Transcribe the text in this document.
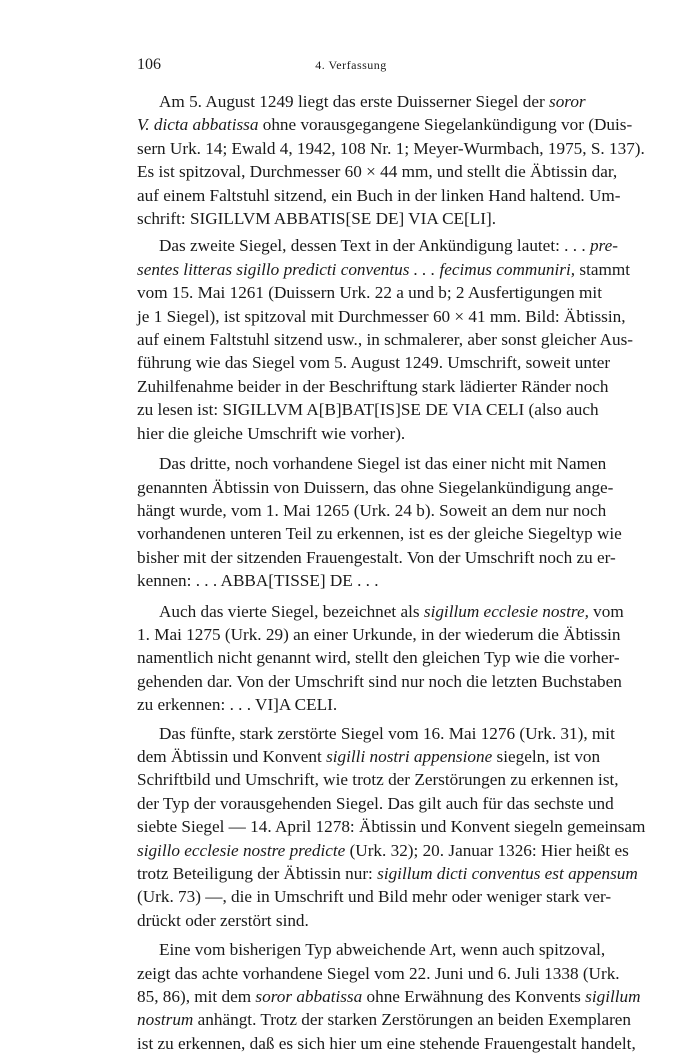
106	4. Verfassung
Am 5. August 1249 liegt das erste Duisserner Siegel der soror
V. dicta abbatissa ohne vorausgegangene Siegelankündigung vor (Duis-
sern Urk. 14; Ewald 4, 1942, 108 Nr. 1; Meyer-Wurmbach, 1975, S. 137).
Es ist spitzoval, Durchmesser 60 × 44 mm, und stellt die Äbtissin dar,
auf einem Faltstuhl sitzend, ein Buch in der linken Hand haltend. Um-
schrift: SIGILLVM ABBATIS[SE DE] VIA CE[LI].
Das zweite Siegel, dessen Text in der Ankündigung lautet: . . . pre-
sentes litteras sigillo predicti conventus . . . fecimus communiri, stammt
vom 15. Mai 1261 (Duissern Urk. 22 a und b; 2 Ausfertigungen mit
je 1 Siegel), ist spitzoval mit Durchmesser 60 × 41 mm. Bild: Äbtissin,
auf einem Faltstuhl sitzend usw., in schmalerer, aber sonst gleicher Aus-
führung wie das Siegel vom 5. August 1249. Umschrift, soweit unter
Zuhilfenahme beider in der Beschriftung stark lädierter Ränder noch
zu lesen ist: SIGILLVM A[B]BAT[IS]SE DE VIA CELI (also auch
hier die gleiche Umschrift wie vorher).
Das dritte, noch vorhandene Siegel ist das einer nicht mit Namen
genannten Äbtissin von Duissern, das ohne Siegelankündigung ange-
hängt wurde, vom 1. Mai 1265 (Urk. 24 b). Soweit an dem nur noch
vorhandenen unteren Teil zu erkennen, ist es der gleiche Siegeltyp wie
bisher mit der sitzenden Frauengestalt. Von der Umschrift noch zu er-
kennen: . . . ABBA[TISSE] DE . . .
Auch das vierte Siegel, bezeichnet als sigillum ecclesie nostre, vom
1. Mai 1275 (Urk. 29) an einer Urkunde, in der wiederum die Äbtissin
namentlich nicht genannt wird, stellt den gleichen Typ wie die vorher-
gehenden dar. Von der Umschrift sind nur noch die letzten Buchstaben
zu erkennen: . . . VI]A CELI.
Das fünfte, stark zerstörte Siegel vom 16. Mai 1276 (Urk. 31), mit
dem Äbtissin und Konvent sigilli nostri appensione siegeln, ist von
Schriftbild und Umschrift, wie trotz der Zerstörungen zu erkennen ist,
der Typ der vorausgehenden Siegel. Das gilt auch für das sechste und
siebte Siegel — 14. April 1278: Äbtissin und Konvent siegeln gemeinsam
sigillo ecclesie nostre predicte (Urk. 32); 20. Januar 1326: Hier heißt es
trotz Beteiligung der Äbtissin nur: sigillum dicti conventus est appensum
(Urk. 73) —, die in Umschrift und Bild mehr oder weniger stark ver-
drückt oder zerstört sind.
Eine vom bisherigen Typ abweichende Art, wenn auch spitzoval,
zeigt das achte vorhandene Siegel vom 22. Juni und 6. Juli 1338 (Urk.
85, 86), mit dem soror abbatissa ohne Erwähnung des Konvents sigillum
nostrum anhängt. Trotz der starken Zerstörungen an beiden Exemplaren
ist zu erkennen, daß es sich hier um eine stehende Frauengestalt handelt,
